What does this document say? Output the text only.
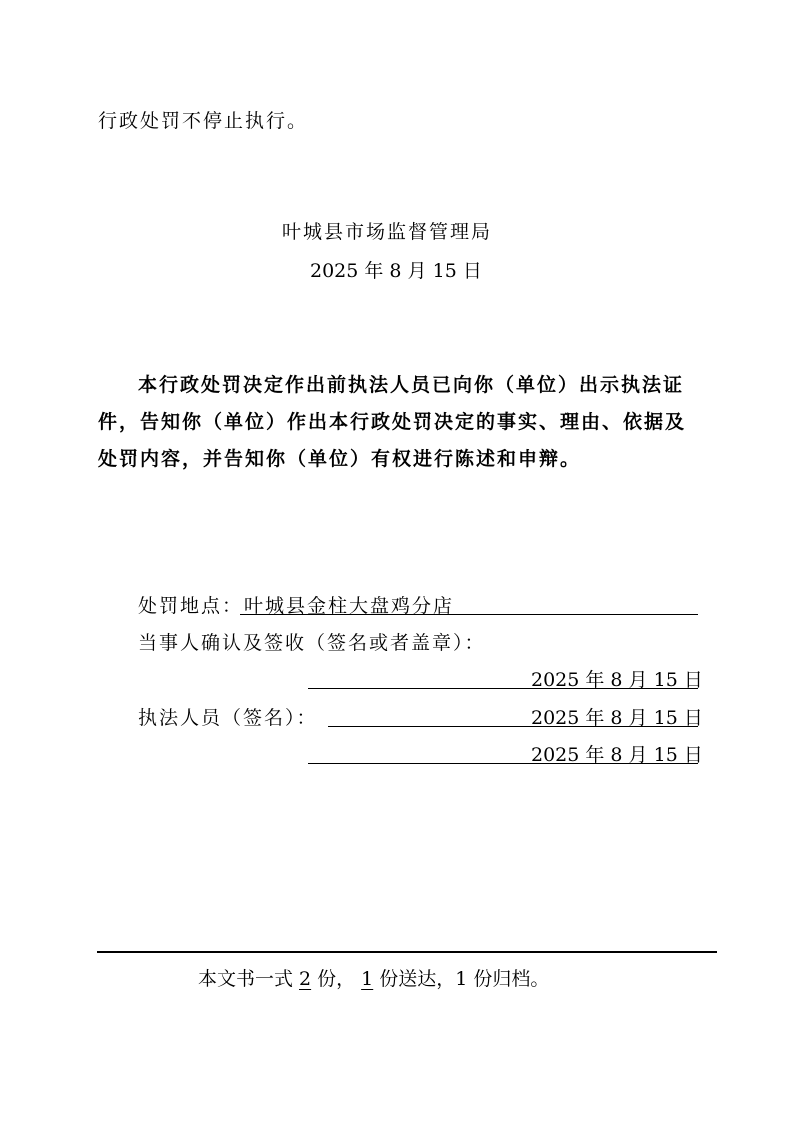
行政处罚不停止执行。
叶城县市场监督管理局
2025 年 8 月 15 日
本行政处罚决定作出前执法人员已向你（单位）出示执法证
件，告知你（单位）作出本行政处罚决定的事实、理由、依据及
处罚内容，并告知你（单位）有权进行陈述和申辩。
处罚地点： 叶城县金柱大盘鸡分店
当事人确认及签收（签名或者盖章）：
2025 年 8 月 15 日
执法人员（签名）：	2025 年 8 月 15 日
2025 年 8 月 15 日
本文书一式 2 份， 1 份送达，1 份归档。
